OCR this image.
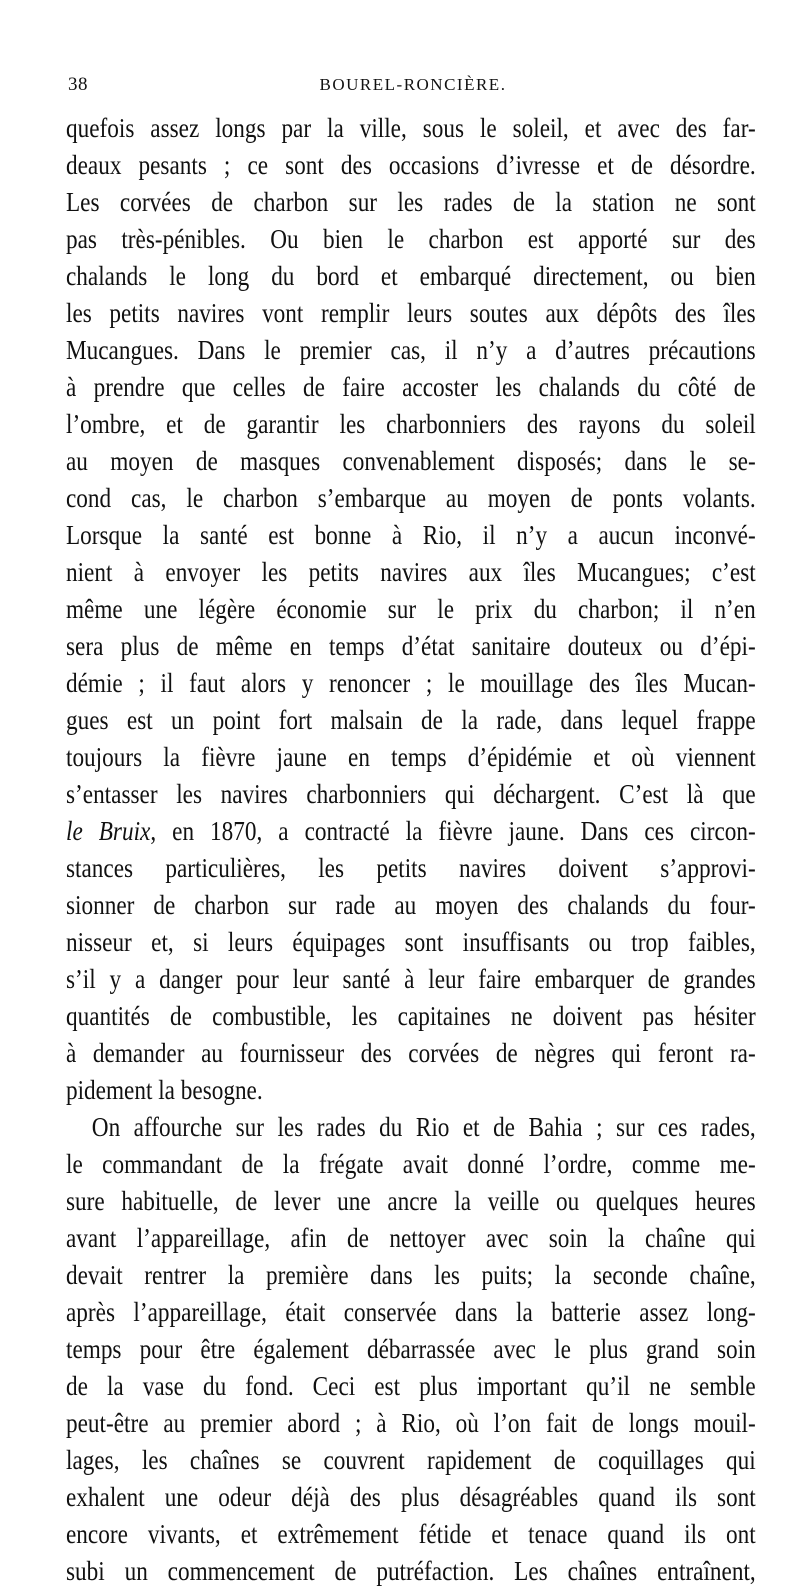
38	BOUREL-RONCIÈRE.
quefois assez longs par la ville, sous le soleil, et avec des far-
deaux pesants ; ce sont des occasions d’ivresse et de désordre.
Les corvées de charbon sur les rades de la station ne sont
pas très-pénibles. Ou bien le charbon est apporté sur des
chalands le long du bord et embarqué directement, ou bien
les petits navires vont remplir leurs soutes aux dépôts des îles
Mucangues. Dans le premier cas, il n’y a d’autres précautions
à prendre que celles de faire accoster les chalands du côté de
l’ombre, et de garantir les charbonniers des rayons du soleil
au moyen de masques convenablement disposés; dans le se-
cond cas, le charbon s’embarque au moyen de ponts volants.
Lorsque la santé est bonne à Rio, il n’y a aucun inconvé-
nient à envoyer les petits navires aux îles Mucangues; c’est
même une légère économie sur le prix du charbon; il n’en
sera plus de même en temps d’état sanitaire douteux ou d’épi-
démie ; il faut alors y renoncer ; le mouillage des îles Mucan-
gues est un point fort malsain de la rade, dans lequel frappe
toujours la fièvre jaune en temps d’épidémie et où viennent
s’entasser les navires charbonniers qui déchargent. C’est là que
le Bruix, en 1870, a contracté la fièvre jaune. Dans ces circon-
stances particulières, les petits navires doivent s’approvi-
sionner de charbon sur rade au moyen des chalands du four-
nisseur et, si leurs équipages sont insuffisants ou trop faibles,
s’il y a danger pour leur santé à leur faire embarquer de grandes
quantités de combustible, les capitaines ne doivent pas hésiter
à demander au fournisseur des corvées de nègres qui feront ra-
pidement la besogne.
On affourche sur les rades du Rio et de Bahia ; sur ces rades,
le commandant de la frégate avait donné l’ordre, comme me-
sure habituelle, de lever une ancre la veille ou quelques heures
avant l’appareillage, afin de nettoyer avec soin la chaîne qui
devait rentrer la première dans les puits; la seconde chaîne,
après l’appareillage, était conservée dans la batterie assez long-
temps pour être également débarrassée avec le plus grand soin
de la vase du fond. Ceci est plus important qu’il ne semble
peut-être au premier abord ; à Rio, où l’on fait de longs mouil-
lages, les chaînes se couvrent rapidement de coquillages qui
exhalent une odeur déjà des plus désagréables quand ils sont
encore vivants, et extrêmement fétide et tenace quand ils ont
subi un commencement de putréfaction. Les chaînes entraînent,
